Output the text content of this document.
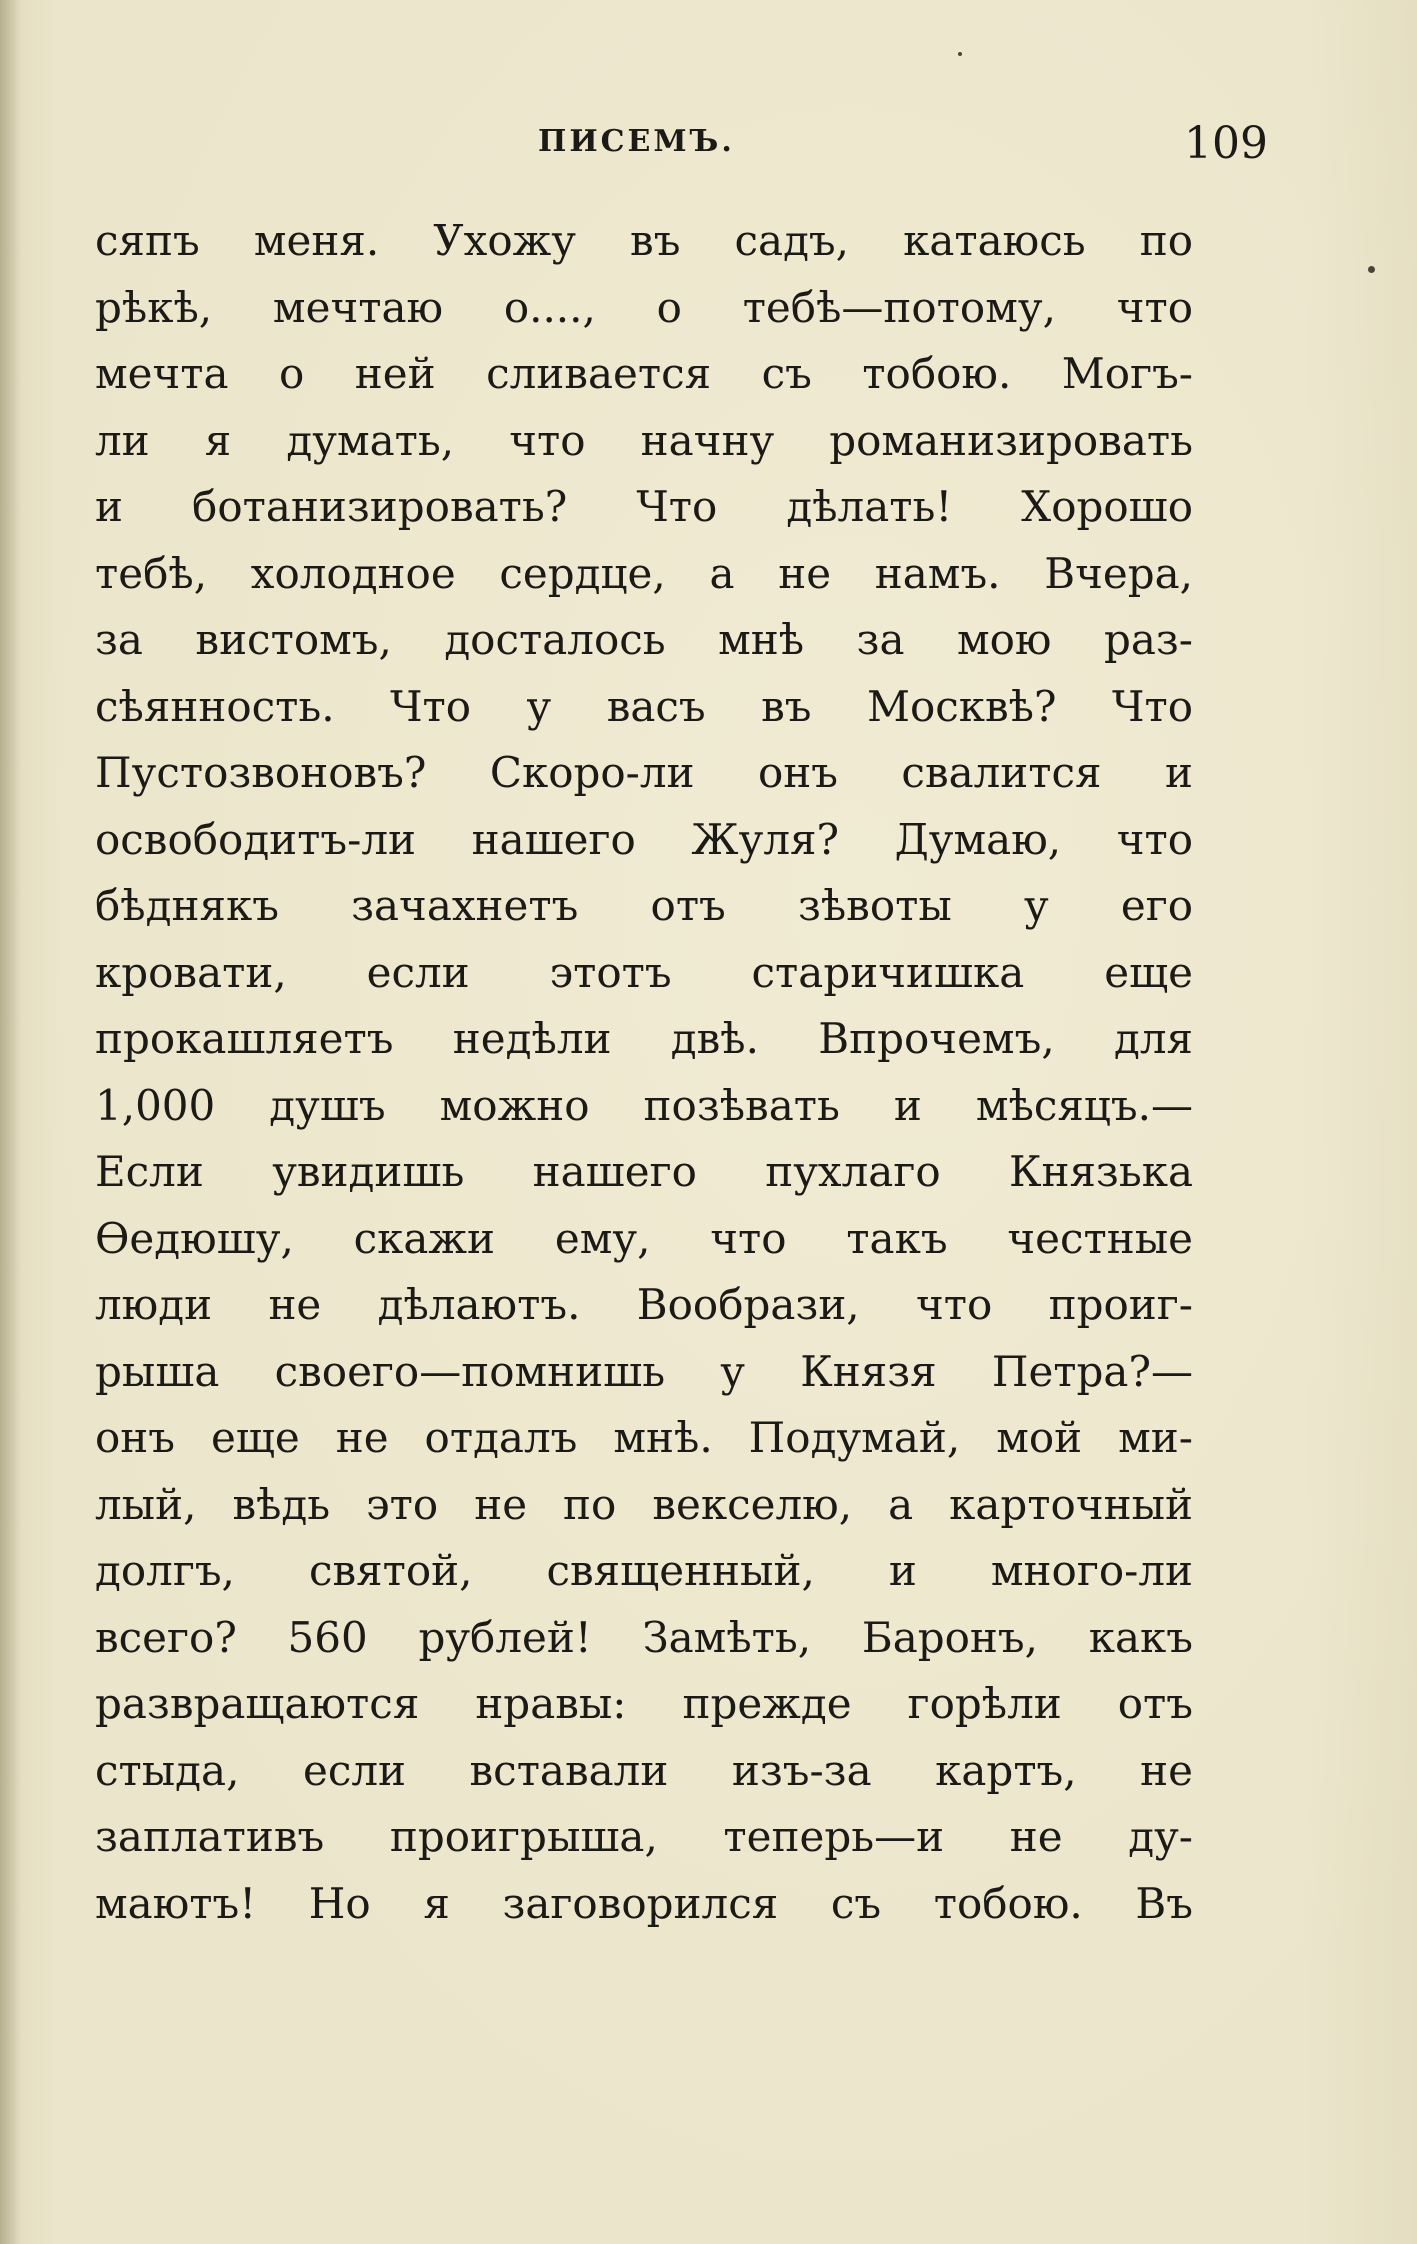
ПИСЕМЪ.	109
сяпъ меня. Ухожу въ садъ, катаюсь по
рѣкѣ, мечтаю о...., о тебѣ—потому, что
мечта о ней сливается съ тобою. Могъ-
ли я думать, что начну романизировать
и ботанизировать? Что дѣлать! Хорошо
тебѣ, холодное сердце, а не намъ. Вчера,
за вистомъ, досталось мнѣ за мою раз-
сѣянность. Что у васъ въ Москвѣ? Что
Пустозвоновъ? Скоро-ли онъ свалится и
освободитъ-ли нашего Жуля? Думаю, что
бѣднякъ зачахнетъ отъ зѣвоты у его
кровати, если этотъ старичишка еще
прокашляетъ недѣли двѣ. Впрочемъ, для
1,000 душъ можно позѣвать и мѣсяцъ.—
Если увидишь нашего пухлаго Князька
Ѳедюшу, скажи ему, что такъ честные
люди не дѣлаютъ. Вообрази, что проиг-
рыша своего—помнишь у Князя Петра?—
онъ еще не отдалъ мнѣ. Подумай, мой ми-
лый, вѣдь это не по векселю, а карточный
долгъ, святой, священный, и много-ли
всего? 560 рублей! Замѣть, Баронъ, какъ
развращаются нравы: прежде горѣли отъ
стыда, если вставали изъ-за картъ, не
заплативъ проигрыша, теперь—и не ду-
маютъ! Но я заговорился съ тобою. Въ
